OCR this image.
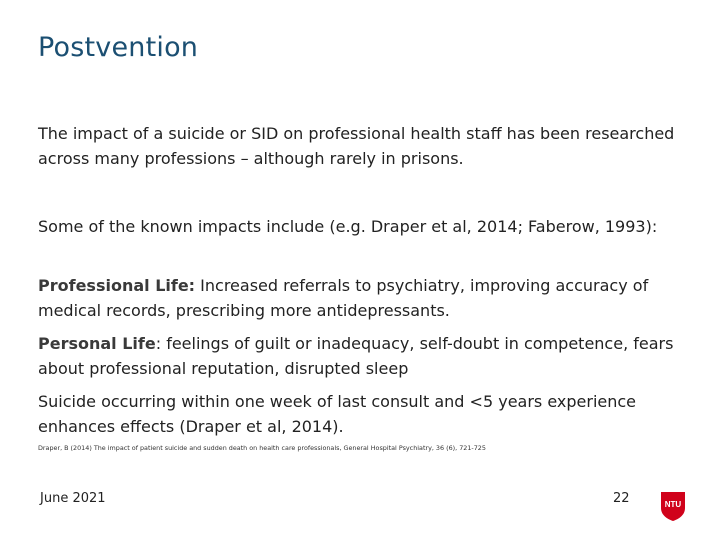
Postvention
The impact of a suicide or SID on professional health staff has been researched across many professions – although rarely in prisons.
Some of the known impacts include (e.g. Draper et al, 2014; Faberow, 1993):
Professional Life: Increased referrals to psychiatry, improving accuracy of medical records, prescribing more antidepressants.
Personal Life: feelings of guilt or inadequacy, self-doubt in competence, fears about professional reputation, disrupted sleep
Suicide occurring within one week of last consult and <5 years experience enhances effects (Draper et al, 2014).
Draper, B (2014) The impact of patient suicide and sudden death on health care professionals, General Hospital Psychiatry, 36 (6), 721-725
June 2021	22	NTU
